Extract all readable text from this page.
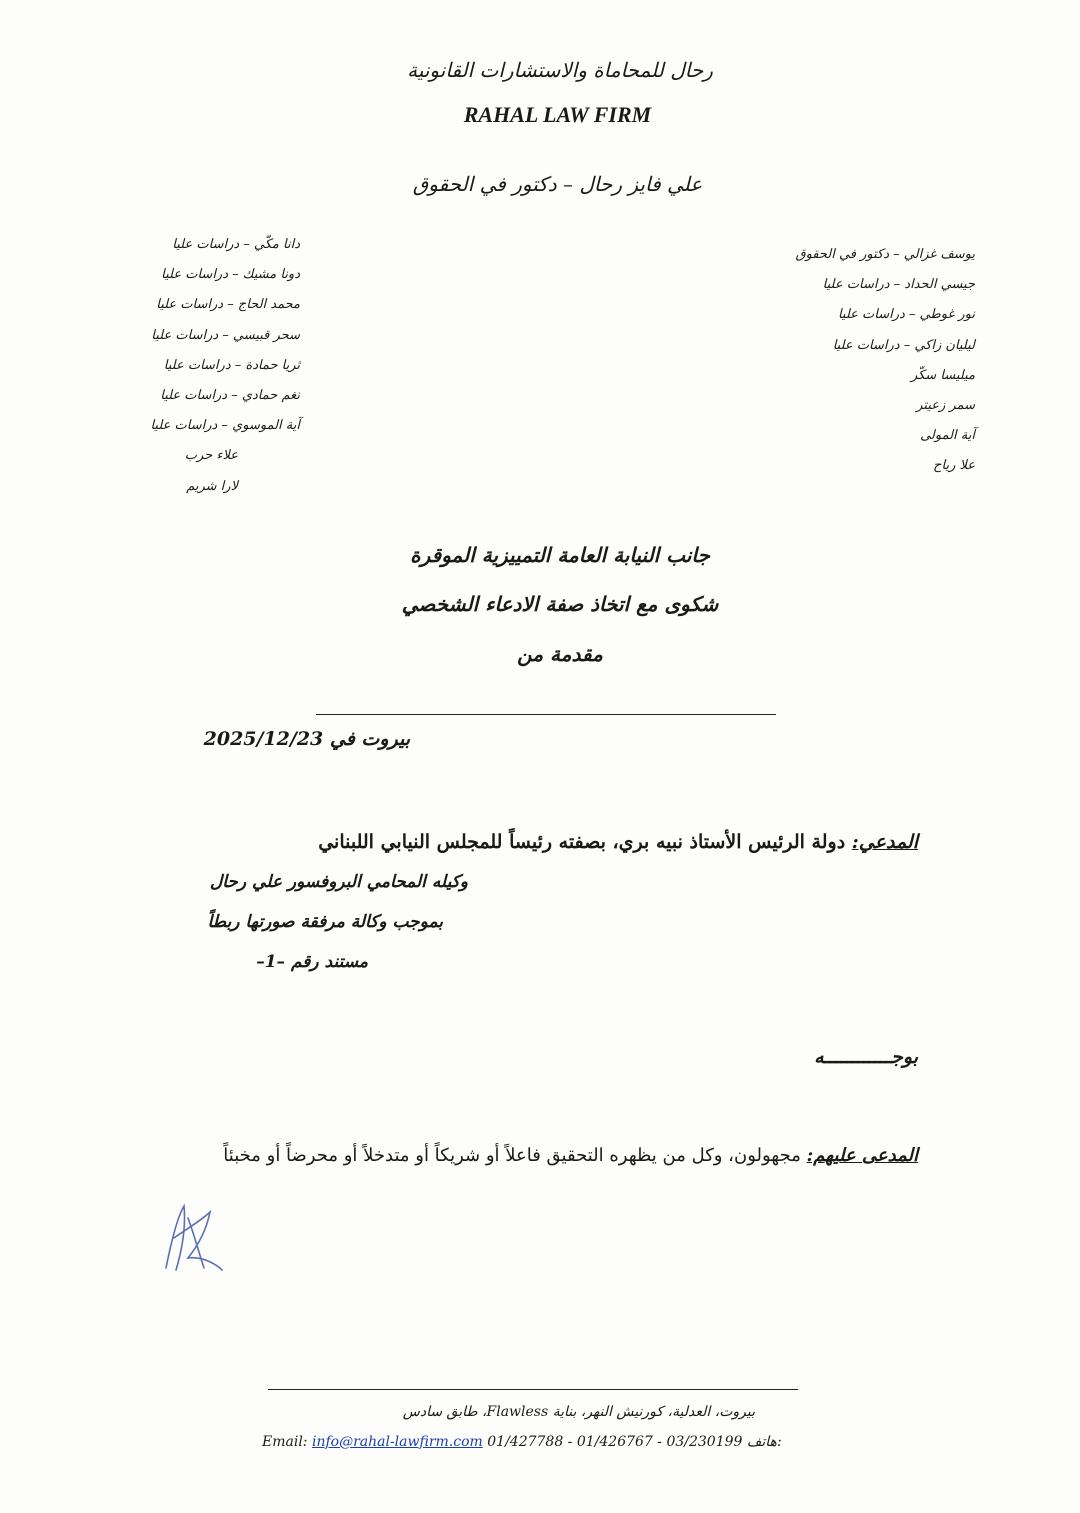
رحال للمحاماة والاستشارات القانونية
RAHAL LAW FIRM
علي فايز رحال – دكتور في الحقوق
يوسف غزالي – دكتور في الحقوق
جيسي الحداد – دراسات عليا
نور غوطي – دراسات عليا
ليليان زاكي – دراسات عليا
ميليسا سكّر
سمر زعيتر
آية المولى
علا رياح
دانا مكّي – دراسات عليا
دونا مشيك – دراسات عليا
محمد الحاج – دراسات عليا
سحر قبيسي – دراسات عليا
ثريا حمادة – دراسات عليا
نغم حمادي – دراسات عليا
آية الموسوي – دراسات عليا
علاء حرب
لارا شريم
جانب النيابة العامة التمييزية الموقرة
شكوى مع اتخاذ صفة الادعاء الشخصي
مقدمة من
بيروت في 2025/12/23
المدعي: دولة الرئيس الأستاذ نبيه بري، بصفته رئيساً للمجلس النيابي اللبناني
وكيله المحامي البروفسور علي رحال
بموجب وكالة مرفقة صورتها ربطاً
مستند رقم –1–
بوجــــــــــــه
المدعى عليهم: مجهولون، وكل من يظهره التحقيق فاعلاً أو شريكاً أو متدخلاً أو محرضاً أو مخبئاً
بيروت، العدلية، كورنيش النهر، بناية Flawless، طابق سادس
Email: info@rahal-lawfirm.com 01/427788 - 01/426767 - 03/230199 هاتف:
